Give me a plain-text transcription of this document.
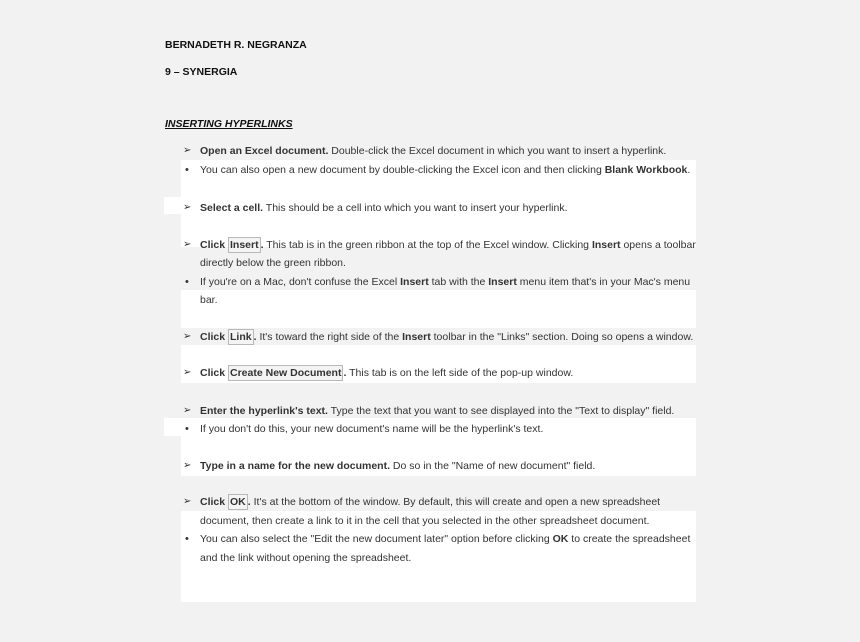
BERNADETH R. NEGRANZA
9 – SYNERGIA
INSERTING HYPERLINKS
➢ Open an Excel document. Double-click the Excel document in which you want to insert a hyperlink.
•	You can also open a new document by double-clicking the Excel icon and then clicking Blank Workbook.
➢ Select a cell. This should be a cell into which you want to insert your hyperlink.
➢ Click Insert . This tab is in the green ribbon at the top of the Excel window. Clicking Insert opens a toolbar directly below the green ribbon.
•	If you're on a Mac, don't confuse the Excel Insert tab with the Insert menu item that's in your Mac's menu bar.
➢ Click Link . It's toward the right side of the Insert toolbar in the "Links" section. Doing so opens a window.
➢ Click Create New Document . This tab is on the left side of the pop-up window.
➢ Enter the hyperlink's text. Type the text that you want to see displayed into the "Text to display" field.
•	If you don't do this, your new document's name will be the hyperlink's text.
➢ Type in a name for the new document. Do so in the "Name of new document" field.
➢ Click OK . It's at the bottom of the window. By default, this will create and open a new spreadsheet document, then create a link to it in the cell that you selected in the other spreadsheet document.
•	You can also select the "Edit the new document later" option before clicking OK to create the spreadsheet and the link without opening the spreadsheet.
